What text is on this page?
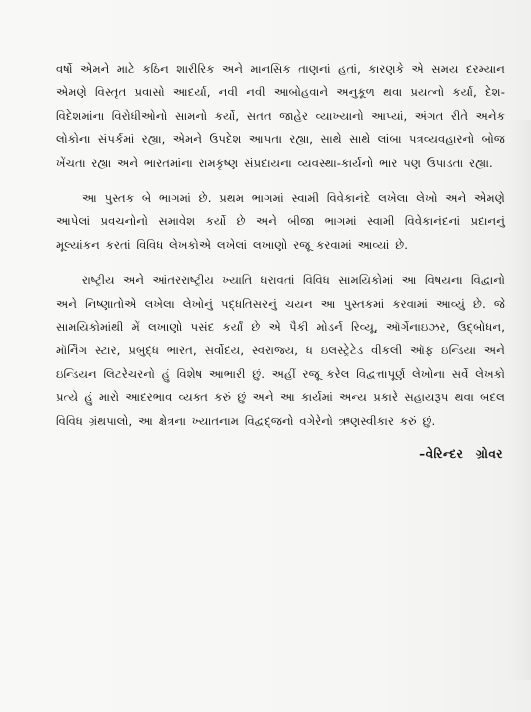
વર્ષો એમને માટે કઠિન શારીરિક અને માનસિક તાણનાં હતાં, કારણકે એ સમય દરમ્યાન એમણે વિસ્તૃત પ્રવાસો આદર્યા, નવી નવી આબોહવાને અનુકૂળ થવા પ્રયત્નો કર્યા, દેશ-વિદેશમાંના વિરોધીઓનો સામનો કર્યો, સતત જાહેર વ્યાખ્યાનો આપ્યાં, અંગત રીતે અનેક લોકોના સંપર્કમાં રહ્યા, એમને ઉપદેશ આપતા રહ્યા, સાથે સાથે લાંબા પત્રવ્યવહારનો બોજ ખેંચતા રહ્યા અને ભારતમાંના રામકૃષ્ણ સંપ્રદાયના વ્યવસ્થા-કાર્યનો ભાર પણ ઉપાડતા રહ્યા.

આ પુસ્તક બે ભાગમાં છે. પ્રથમ ભાગમાં સ્વામી વિવેકાનંદે લખેલા લેખો અને એમણે આપેલાં પ્રવચનોનો સમાવેશ કર્યો છે અને બીજા ભાગમાં સ્વામી વિવેકાનંદનાં પ્રદાનનું મૂલ્યાંકન કરતાં વિવિધ લેખકોએ લખેલાં લખાણો રજૂ કરવામાં આવ્યાં છે.

રાષ્ટ્રીય અને આંતરરાષ્ટ્રીય ખ્યાતિ ધરાવતાં વિવિધ સામયિકોમાં આ વિષયના વિદ્વાનો અને નિષ્ણાતોએ લખેલા લેખોનું પદ્ધતિસરનું ચયન આ પુસ્તકમાં કરવામાં આવ્યું છે. જે સામયિકોમાંથી મેં લખાણો પસંદ કર્યાં છે એ પૈકી મોડર્ન રિવ્યૂ, ઑર્ગેનાઇઝર, ઉદ્‌બોધન, મૉર્નિંગ સ્ટાર, પ્રબુદ્ધ ભારત, સર્વોદય, સ્વરાજ્ય, ધ ઇલસ્ટ્રેટેડ વીકલી ઑફ ઇન્ડિયા અને ઇન્ડિયન લિટરેચરનો હું વિશેષ આભારી છું. અહીં રજૂ કરેલ વિદ્વત્તાપૂર્ણ લેખોના સર્વે લેખકો પ્રત્યે હું મારો આદરભાવ વ્યક્ત કરું છું અને આ કાર્યમાં અન્ય પ્રકારે સહાયરૂપ થવા બદલ વિવિધ ગ્રંથપાલો, આ ક્ષેત્રના ખ્યાતનામ વિદ્વદ્‌જનો વગેરેનો ઋણસ્વીકાર કરું છું.

–વેરિન્દર ગ્રોવર
